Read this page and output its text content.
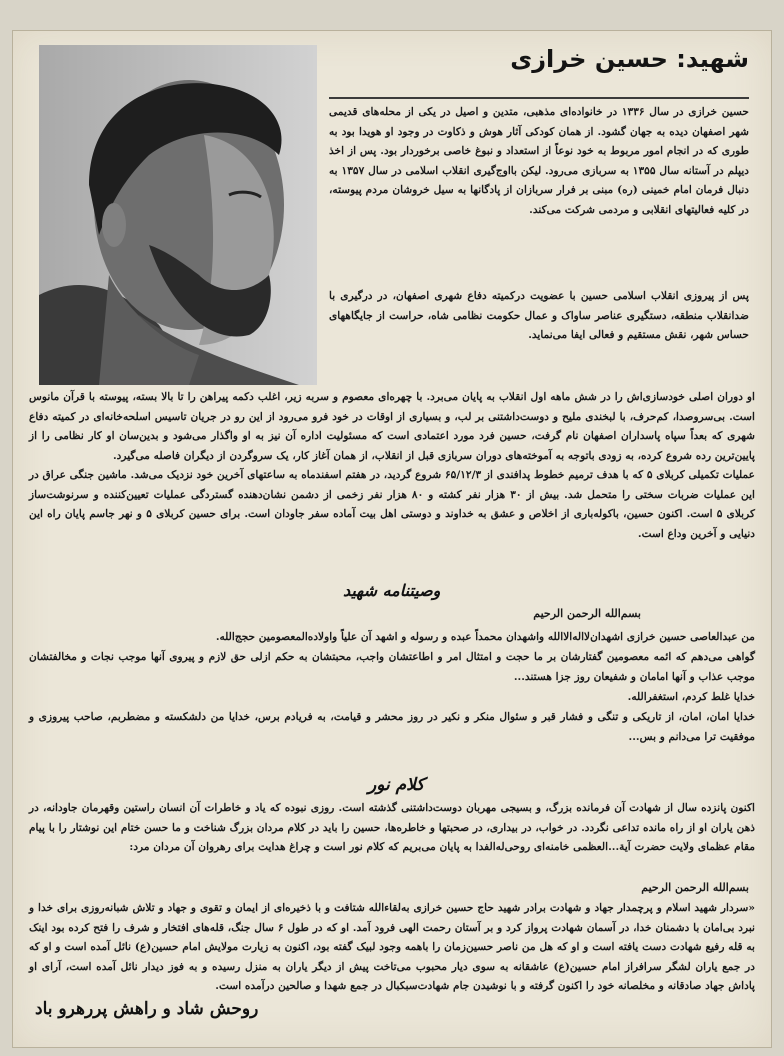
شهید: حسین خرازی

حسین خرازی در سال ۱۳۳۶ در خانواده‌ای مذهبی، متدین و اصیل در یکی از محله‌های قدیمی شهر اصفهان دیده به جهان گشود. از همان کودکی آثار هوش و ذکاوت در وجود او هویدا بود به طوری که در انجام امور مربوط به خود نوعاً از استعداد و نبوغ خاصی برخوردار بود. پس از اخذ دیپلم در آستانه سال ۱۳۵۵ به سربازی می‌رود. لیکن بااوج‌گیری انقلاب اسلامی در سال ۱۳۵۷ به دنبال فرمان امام خمینی (ره) مبنی بر فرار سربازان از پادگانها به سیل خروشان مردم پیوسته، در کلیه فعالیتهای انقلابی و مردمی شرکت می‌کند.

پس از پیروزی انقلاب اسلامی حسین با عضویت درکمیته دفاع شهری اصفهان، در درگیری با ضدانقلاب منطقه، دستگیری عناصر ساواک و عمال حکومت نظامی شاه، حراست از جایگاههای حساس شهر، نقش مستقیم و فعالی ایفا می‌نماید.

او دوران اصلی خودسازی‌اش را در شش ماهه اول انقلاب به پایان می‌برد. با چهره‌ای معصوم و سربه زیر، اغلب دکمه پیراهن را تا بالا بسته، پیوسته با قرآن مانوس است. بی‌سروصدا، کم‌حرف، با لبخندی ملیح و دوست‌داشتنی بر لب، و بسیاری از اوقات در خود فرو می‌رود از این رو در جریان تاسیس اسلحه‌خانه‌ای در کمیته دفاع شهری که بعداً سپاه پاسداران اصفهان نام گرفت، حسین فرد مورد اعتمادی است که مسئولیت اداره آن نیز به او واگذار می‌شود و بدین‌سان او کار نظامی را از پایین‌ترین رده شروع کرده، به زودی باتوجه به آموخته‌های دوران سربازی قبل از انقلاب، از همان آغاز کار، یک سروگردن از دیگران فاصله می‌گیرد.

عملیات تکمیلی کربلای ۵ که با هدف ترمیم خطوط پدافندی از ۶۵/۱۲/۳ شروع گردید، در هفتم اسفندماه به ساعتهای آخرین خود نزدیک می‌شد. ماشین جنگی عراق در این عملیات ضربات سختی را متحمل شد. بیش از ۳۰ هزار نفر کشته و ۸۰ هزار نفر زخمی از دشمن نشان‌دهنده گستردگی عملیات تعیین‌کننده و سرنوشت‌ساز کربلای ۵ است. اکنون حسین، باکوله‌باری از اخلاص و عشق به خداوند و دوستی اهل بیت آماده سفر جاودان است. برای حسین کربلای ۵ و نهر جاسم پایان راه این دنیایی و آخرین وداع است.

وصیتنامه شهید
بسم‌الله الرحمن الرحیم

من عبدالعاصی حسین خرازی اشهدان‌لااله‌الاالله واشهدان محمداً عبده و رسوله و اشهد آن علیاً واولاده‌المعصومین حجج‌الله.

گواهی می‌دهم که ائمه معصومین گفتارشان بر ما حجت و امتثال امر و اطاعتشان واجب، محبتشان به حکم ازلی حق لازم و پیروی آنها موجب نجات و مخالفتشان موجب عذاب و آنها امامان و شفیعان روز جزا هستند...

خدایا غلط کردم، استغفرالله.

خدایا امان، امان، از تاریکی و تنگی و فشار قبر و سئوال منکر و نکیر در روز محشر و قیامت، به فریادم برس، خدایا من دلشکسته و مضطربم، صاحب پیروزی و موفقیت ترا می‌دانم و بس...

کلام نور

اکنون پانزده سال از شهادت آن فرمانده بزرگ، و بسیجی مهربان دوست‌داشتنی گذشته است. روزی نبوده که یاد و خاطرات آن انسان راستین وقهرمان جاودانه، در ذهن یاران او از راه مانده تداعی نگردد. در خواب، در بیداری، در صحبتها و خاطره‌ها، حسین را باید در کلام مردان بزرگ شناخت و ما حسن ختام این نوشتار را با پیام مقام عظمای ولایت حضرت آیة...العظمی خامنه‌ای روحی‌له‌الفدا به پایان می‌بریم که کلام نور است و چراغ هدایت برای رهروان آن مردان مرد:

بسم‌الله الرحمن الرحیم

«سردار شهید اسلام و پرچمدار جهاد و شهادت برادر شهید حاج حسین خرازی به‌لقاءالله شتافت و با ذخیره‌ای از ایمان و تقوی و جهاد و تلاش شبانه‌روزی برای خدا و نبرد بی‌امان با دشمنان خدا، در آسمان شهادت پرواز کرد و بر آستان رحمت الهی فرود آمد. او که در طول ۶ سال جنگ، قله‌های افتخار و شرف را فتح کرده بود اینک به قله رفیع شهادت دست یافته است و او که هل من ناصر حسین‌زمان را باهمه وجود لبیک گفته بود، اکنون به زیارت مولایش امام حسین(ع) نائل آمده است و او که در جمع یاران لشگر سرافراز امام حسین(ع) عاشقانه به سوی دیار محبوب می‌تاخت پیش از دیگر یاران به منزل رسیده و به فوز دیدار نائل آمده است، آرای او پاداش جهاد صادقانه و مخلصانه خود را اکنون گرفته و با نوشیدن جام شهادت‌سبکبال در جمع شهدا و صالحین درآمده است.

روحش شاد و راهش پررهرو باد
